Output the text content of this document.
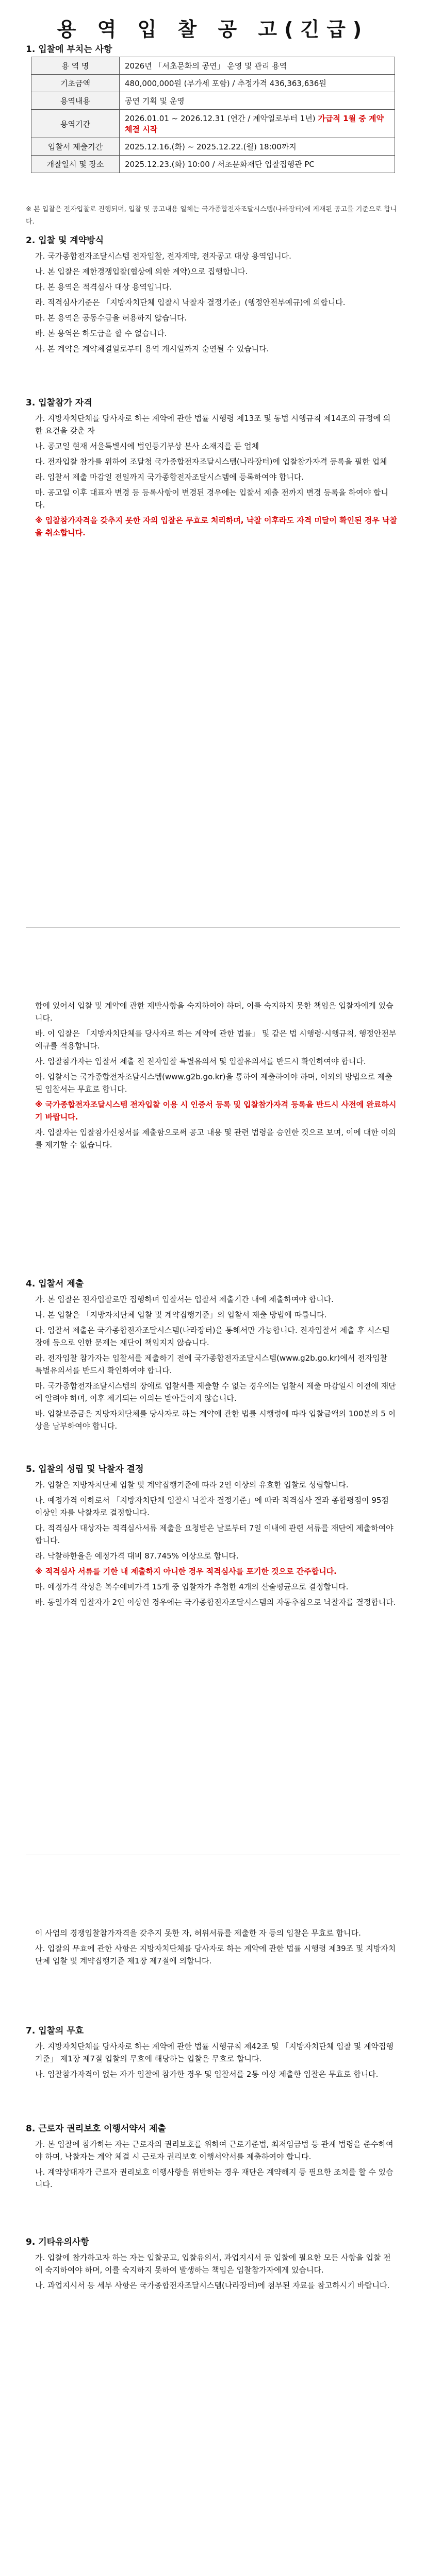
용 역 입 찰 공 고(긴급)
1. 입찰에 부치는 사항
용 역 명	2026년 「서초문화의 공연」 운영 및 관리 용역
기초금액	480,000,000원 (부가세 포함) / 추정가격 436,363,636원
용역내용	공연 기획 및 운영
용역기간	2026.01.01 ~ 2026.12.31 (연간 / 계약일로부터 1년) 가급적 1월 중 계약체결 시작
입찰서 제출기간	2025.12.16.(화) ~ 2025.12.22.(월) 18:00까지
개찰일시 및 장소	2025.12.23.(화) 10:00 / 서초문화재단 입찰집행관 PC

※ 본 입찰은 전자입찰로 진행되며, 입찰 및 공고내용 일체는 국가종합전자조달시스템(나라장터)에 게재된 공고를 기준으로 합니다.

2. 입찰 및 계약방식

가. 국가종합전자조달시스템 전자입찰, 전자계약, 전자공고 대상 용역입니다.

나. 본 입찰은 제한경쟁입찰(협상에 의한 계약)으로 집행합니다.

다. 본 용역은 적격심사 대상 용역입니다.

라. 적격심사기준은 「지방자치단체 입찰시 낙찰자 결정기준」(행정안전부예규)에 의합니다.

마. 본 용역은 공동수급을 허용하지 않습니다.

바. 본 용역은 하도급을 할 수 없습니다.

사. 본 계약은 계약체결일로부터 용역 개시일까지 순연될 수 있습니다.

3. 입찰참가 자격

가. 지방자치단체를 당사자로 하는 계약에 관한 법률 시행령 제13조 및 동법 시행규칙 제14조의 규정에 의한 요건을 갖춘 자

나. 공고일 현재 서울특별시에 법인등기부상 본사 소재지를 둔 업체

다. 전자입찰 참가를 위하여 조달청 국가종합전자조달시스템(나라장터)에 입찰참가자격 등록을 필한 업체

라. 입찰서 제출 마감일 전일까지 국가종합전자조달시스템에 등록하여야 합니다.

마. 공고일 이후 대표자 변경 등 등록사항이 변경된 경우에는 입찰서 제출 전까지 변경 등록을 하여야 합니다.

※ 입찰참가자격을 갖추지 못한 자의 입찰은 무효로 처리하며, 낙찰 이후라도 자격 미달이 확인된 경우 낙찰을 취소합니다.

함에 있어서 입찰 및 계약에 관한 제반사항을 숙지하여야 하며, 이를 숙지하지 못한 책임은 입찰자에게 있습니다.

바. 이 입찰은 「지방자치단체를 당사자로 하는 계약에 관한 법률」 및 같은 법 시행령·시행규칙, 행정안전부 예규를 적용합니다.

사. 입찰참가자는 입찰서 제출 전 전자입찰 특별유의서 및 입찰유의서를 반드시 확인하여야 합니다.

아. 입찰서는 국가종합전자조달시스템(www.g2b.go.kr)을 통하여 제출하여야 하며, 이외의 방법으로 제출된 입찰서는 무효로 합니다.

※ 국가종합전자조달시스템 전자입찰 이용 시 인증서 등록 및 입찰참가자격 등록을 반드시 사전에 완료하시기 바랍니다.

자. 입찰자는 입찰참가신청서를 제출함으로써 공고 내용 및 관련 법령을 승인한 것으로 보며, 이에 대한 이의를 제기할 수 없습니다.

4. 입찰서 제출

가. 본 입찰은 전자입찰로만 집행하며 입찰서는 입찰서 제출기간 내에 제출하여야 합니다.

나. 본 입찰은 「지방자치단체 입찰 및 계약집행기준」의 입찰서 제출 방법에 따릅니다.

다. 입찰서 제출은 국가종합전자조달시스템(나라장터)을 통해서만 가능합니다. 전자입찰서 제출 후 시스템 장애 등으로 인한 문제는 재단이 책임지지 않습니다.

라. 전자입찰 참가자는 입찰서를 제출하기 전에 국가종합전자조달시스템(www.g2b.go.kr)에서 전자입찰 특별유의서를 반드시 확인하여야 합니다.

마. 국가종합전자조달시스템의 장애로 입찰서를 제출할 수 없는 경우에는 입찰서 제출 마감일시 이전에 재단에 알려야 하며, 이후 제기되는 이의는 받아들이지 않습니다.

바. 입찰보증금은 지방자치단체를 당사자로 하는 계약에 관한 법률 시행령에 따라 입찰금액의 100분의 5 이상을 납부하여야 합니다.

5. 입찰의 성립 및 낙찰자 결정

가. 입찰은 지방자치단체 입찰 및 계약집행기준에 따라 2인 이상의 유효한 입찰로 성립합니다.

나. 예정가격 이하로서 「지방자치단체 입찰시 낙찰자 결정기준」에 따라 적격심사 결과 종합평점이 95점 이상인 자를 낙찰자로 결정합니다.

다. 적격심사 대상자는 적격심사서류 제출을 요청받은 날로부터 7일 이내에 관련 서류를 재단에 제출하여야 합니다.

라. 낙찰하한율은 예정가격 대비 87.745% 이상으로 합니다.

※ 적격심사 서류를 기한 내 제출하지 아니한 경우 적격심사를 포기한 것으로 간주합니다.

마. 예정가격 작성은 복수예비가격 15개 중 입찰자가 추첨한 4개의 산술평균으로 결정합니다.

바. 동일가격 입찰자가 2인 이상인 경우에는 국가종합전자조달시스템의 자동추첨으로 낙찰자를 결정합니다.

이 사업의 경쟁입찰참가자격을 갖추지 못한 자, 허위서류를 제출한 자 등의 입찰은 무효로 합니다.

사. 입찰의 무효에 관한 사항은 지방자치단체를 당사자로 하는 계약에 관한 법률 시행령 제39조 및 지방자치단체 입찰 및 계약집행기준 제1장 제7절에 의합니다.

7. 입찰의 무효

가. 지방자치단체를 당사자로 하는 계약에 관한 법률 시행규칙 제42조 및 「지방자치단체 입찰 및 계약집행기준」 제1장 제7절 입찰의 무효에 해당하는 입찰은 무효로 합니다.

나. 입찰참가자격이 없는 자가 입찰에 참가한 경우 및 입찰서를 2통 이상 제출한 입찰은 무효로 합니다.

8. 근로자 권리보호 이행서약서 제출

가. 본 입찰에 참가하는 자는 근로자의 권리보호를 위하여 근로기준법, 최저임금법 등 관계 법령을 준수하여야 하며, 낙찰자는 계약 체결 시 근로자 권리보호 이행서약서를 제출하여야 합니다.

나. 계약상대자가 근로자 권리보호 이행사항을 위반하는 경우 재단은 계약해지 등 필요한 조치를 할 수 있습니다.

9. 기타유의사항

가. 입찰에 참가하고자 하는 자는 입찰공고, 입찰유의서, 과업지시서 등 입찰에 필요한 모든 사항을 입찰 전에 숙지하여야 하며, 이를 숙지하지 못하여 발생하는 책임은 입찰참가자에게 있습니다.

나. 과업지시서 등 세부 사항은 국가종합전자조달시스템(나라장터)에 첨부된 자료를 참고하시기 바랍니다.
